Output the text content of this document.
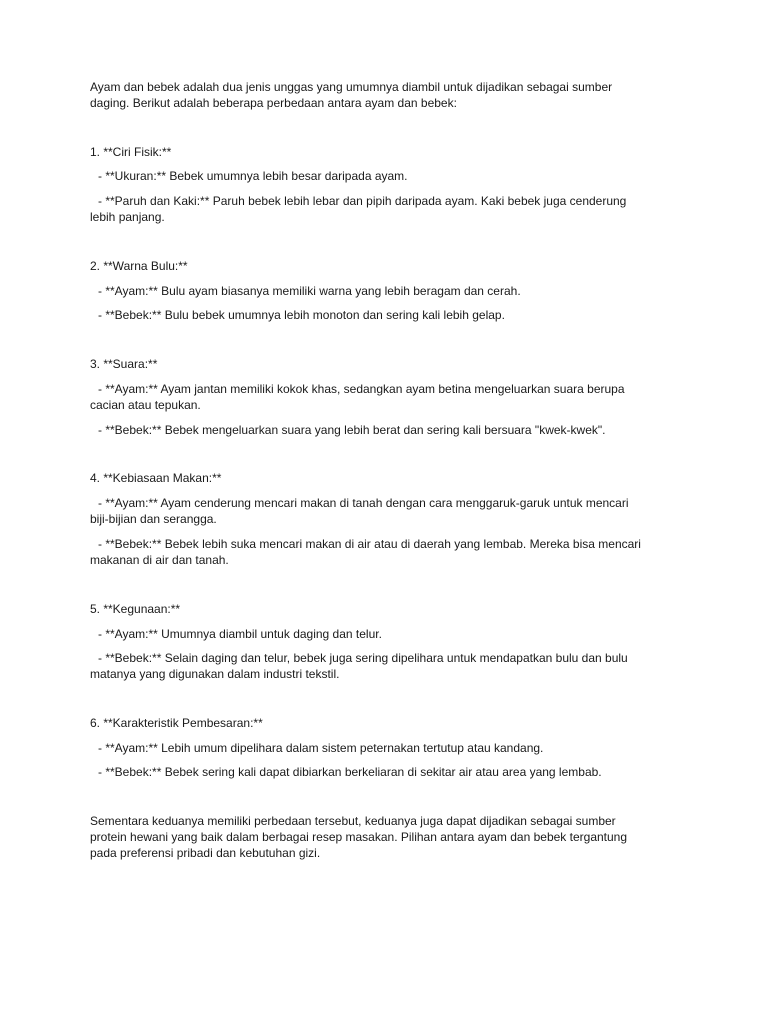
Ayam dan bebek adalah dua jenis unggas yang umumnya diambil untuk dijadikan sebagai sumber
daging. Berikut adalah beberapa perbedaan antara ayam dan bebek:
1. **Ciri Fisik:**
- **Ukuran:** Bebek umumnya lebih besar daripada ayam.
- **Paruh dan Kaki:** Paruh bebek lebih lebar dan pipih daripada ayam. Kaki bebek juga cenderung
lebih panjang.
2. **Warna Bulu:**
- **Ayam:** Bulu ayam biasanya memiliki warna yang lebih beragam dan cerah.
- **Bebek:** Bulu bebek umumnya lebih monoton dan sering kali lebih gelap.
3. **Suara:**
- **Ayam:** Ayam jantan memiliki kokok khas, sedangkan ayam betina mengeluarkan suara berupa
cacian atau tepukan.
- **Bebek:** Bebek mengeluarkan suara yang lebih berat dan sering kali bersuara "kwek-kwek".
4. **Kebiasaan Makan:**
- **Ayam:** Ayam cenderung mencari makan di tanah dengan cara menggaruk-garuk untuk mencari
biji-bijian dan serangga.
- **Bebek:** Bebek lebih suka mencari makan di air atau di daerah yang lembab. Mereka bisa mencari
makanan di air dan tanah.
5. **Kegunaan:**
- **Ayam:** Umumnya diambil untuk daging dan telur.
- **Bebek:** Selain daging dan telur, bebek juga sering dipelihara untuk mendapatkan bulu dan bulu
matanya yang digunakan dalam industri tekstil.
6. **Karakteristik Pembesaran:**
- **Ayam:** Lebih umum dipelihara dalam sistem peternakan tertutup atau kandang.
- **Bebek:** Bebek sering kali dapat dibiarkan berkeliaran di sekitar air atau area yang lembab.
Sementara keduanya memiliki perbedaan tersebut, keduanya juga dapat dijadikan sebagai sumber
protein hewani yang baik dalam berbagai resep masakan. Pilihan antara ayam dan bebek tergantung
pada preferensi pribadi dan kebutuhan gizi.
